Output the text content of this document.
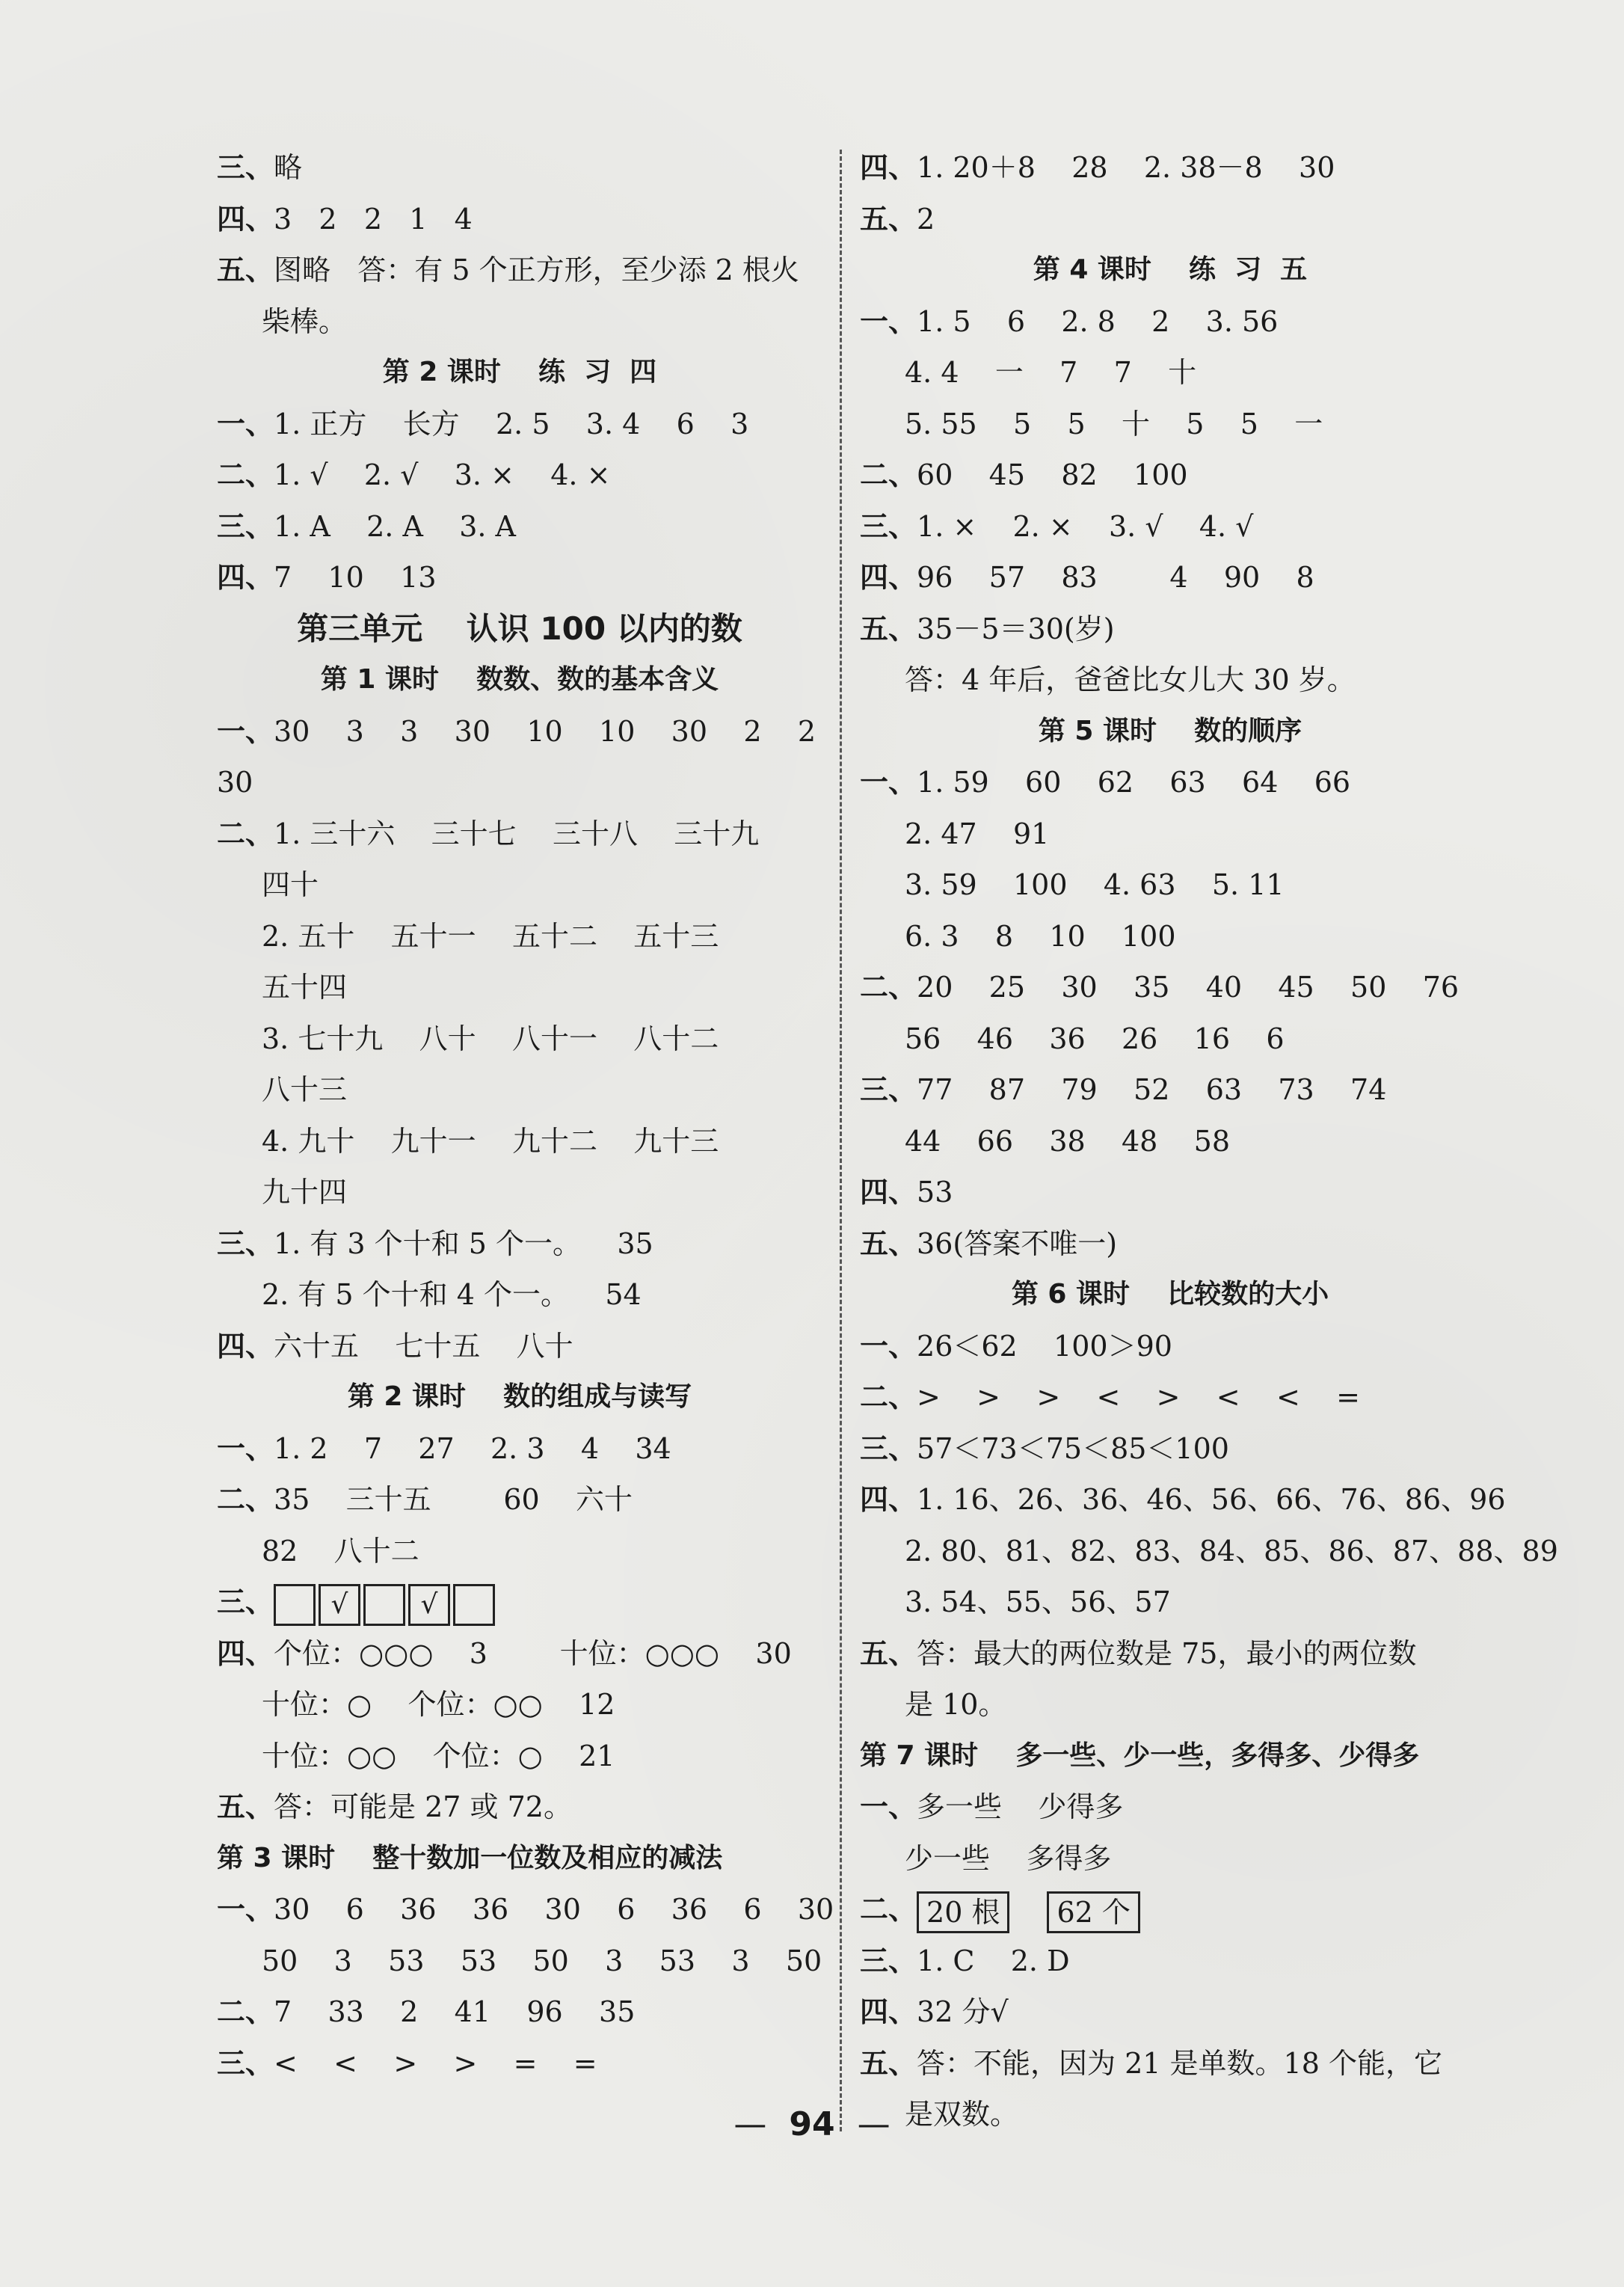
三、略
四、3   2   2   1   4
五、图略   答：有 5 个正方形，至少添 2 根火
柴棒。
第 2 课时    练  习  四
一、1. 正方    长方    2. 5    3. 4    6    3
二、1. √    2. √    3. ×    4. ×
三、1. A    2. A    3. A
四、7    10    13
第三单元    认识 100 以内的数
第 1 课时    数数、数的基本含义
一、30    3    3    30    10    10    30    2    2
30
二、1. 三十六    三十七    三十八    三十九
四十
2. 五十    五十一    五十二    五十三
五十四
3. 七十九    八十    八十一    八十二
八十三
4. 九十    九十一    九十二    九十三
九十四
三、1. 有 3 个十和 5 个一。    35
2. 有 5 个十和 4 个一。    54
四、六十五    七十五    八十
第 2 课时    数的组成与读写
一、1. 2    7    27    2. 3    4    34
二、35    三十五        60    六十
82    八十二
三、 √	√
四、个位：○○○    3        十位：○○○    30
十位：○    个位：○○    12
十位：○○    个位：○    21
五、答：可能是 27 或 72。
第 3 课时    整十数加一位数及相应的减法
一、30    6    36    36    30    6    36    6    30
50    3    53    53    50    3    53    3    50
二、7    33    2    41    96    35
三、<    <    >    >    =    =
四、1. 20＋8    28    2. 38－8    30
五、2
第 4 课时    练  习  五
一、1. 5    6    2. 8    2    3. 56
4. 4    一    7    7    十
5. 55    5    5    十    5    5    一
二、60    45    82    100
三、1. ×    2. ×    3. √    4. √
四、96    57    83        4    90    8
五、35－5＝30(岁)
答：4 年后，爸爸比女儿大 30 岁。
第 5 课时    数的顺序
一、1. 59    60    62    63    64    66
2. 47    91
3. 59    100    4. 63    5. 11
6. 3    8    10    100
二、20    25    30    35    40    45    50    76
56    46    36    26    16    6
三、77    87    79    52    63    73    74
44    66    38    48    58
四、53
五、36(答案不唯一)
第 6 课时    比较数的大小
一、26＜62    100＞90
二、>    >    >    <    >    <    <    =
三、57＜73＜75＜85＜100
四、1. 16、26、36、46、56、66、76、86、96
2. 80、81、82、83、84、85、86、87、88、89
3. 54、55、56、57
五、答：最大的两位数是 75，最小的两位数
是 10。
第 7 课时    多一些、少一些，多得多、少得多
一、多一些    少得多
少一些    多得多
二、 20 根 62 个
三、1. C    2. D
四、32 分√
五、答：不能，因为 21 是单数。18 个能，它
是双数。
— 94 —
